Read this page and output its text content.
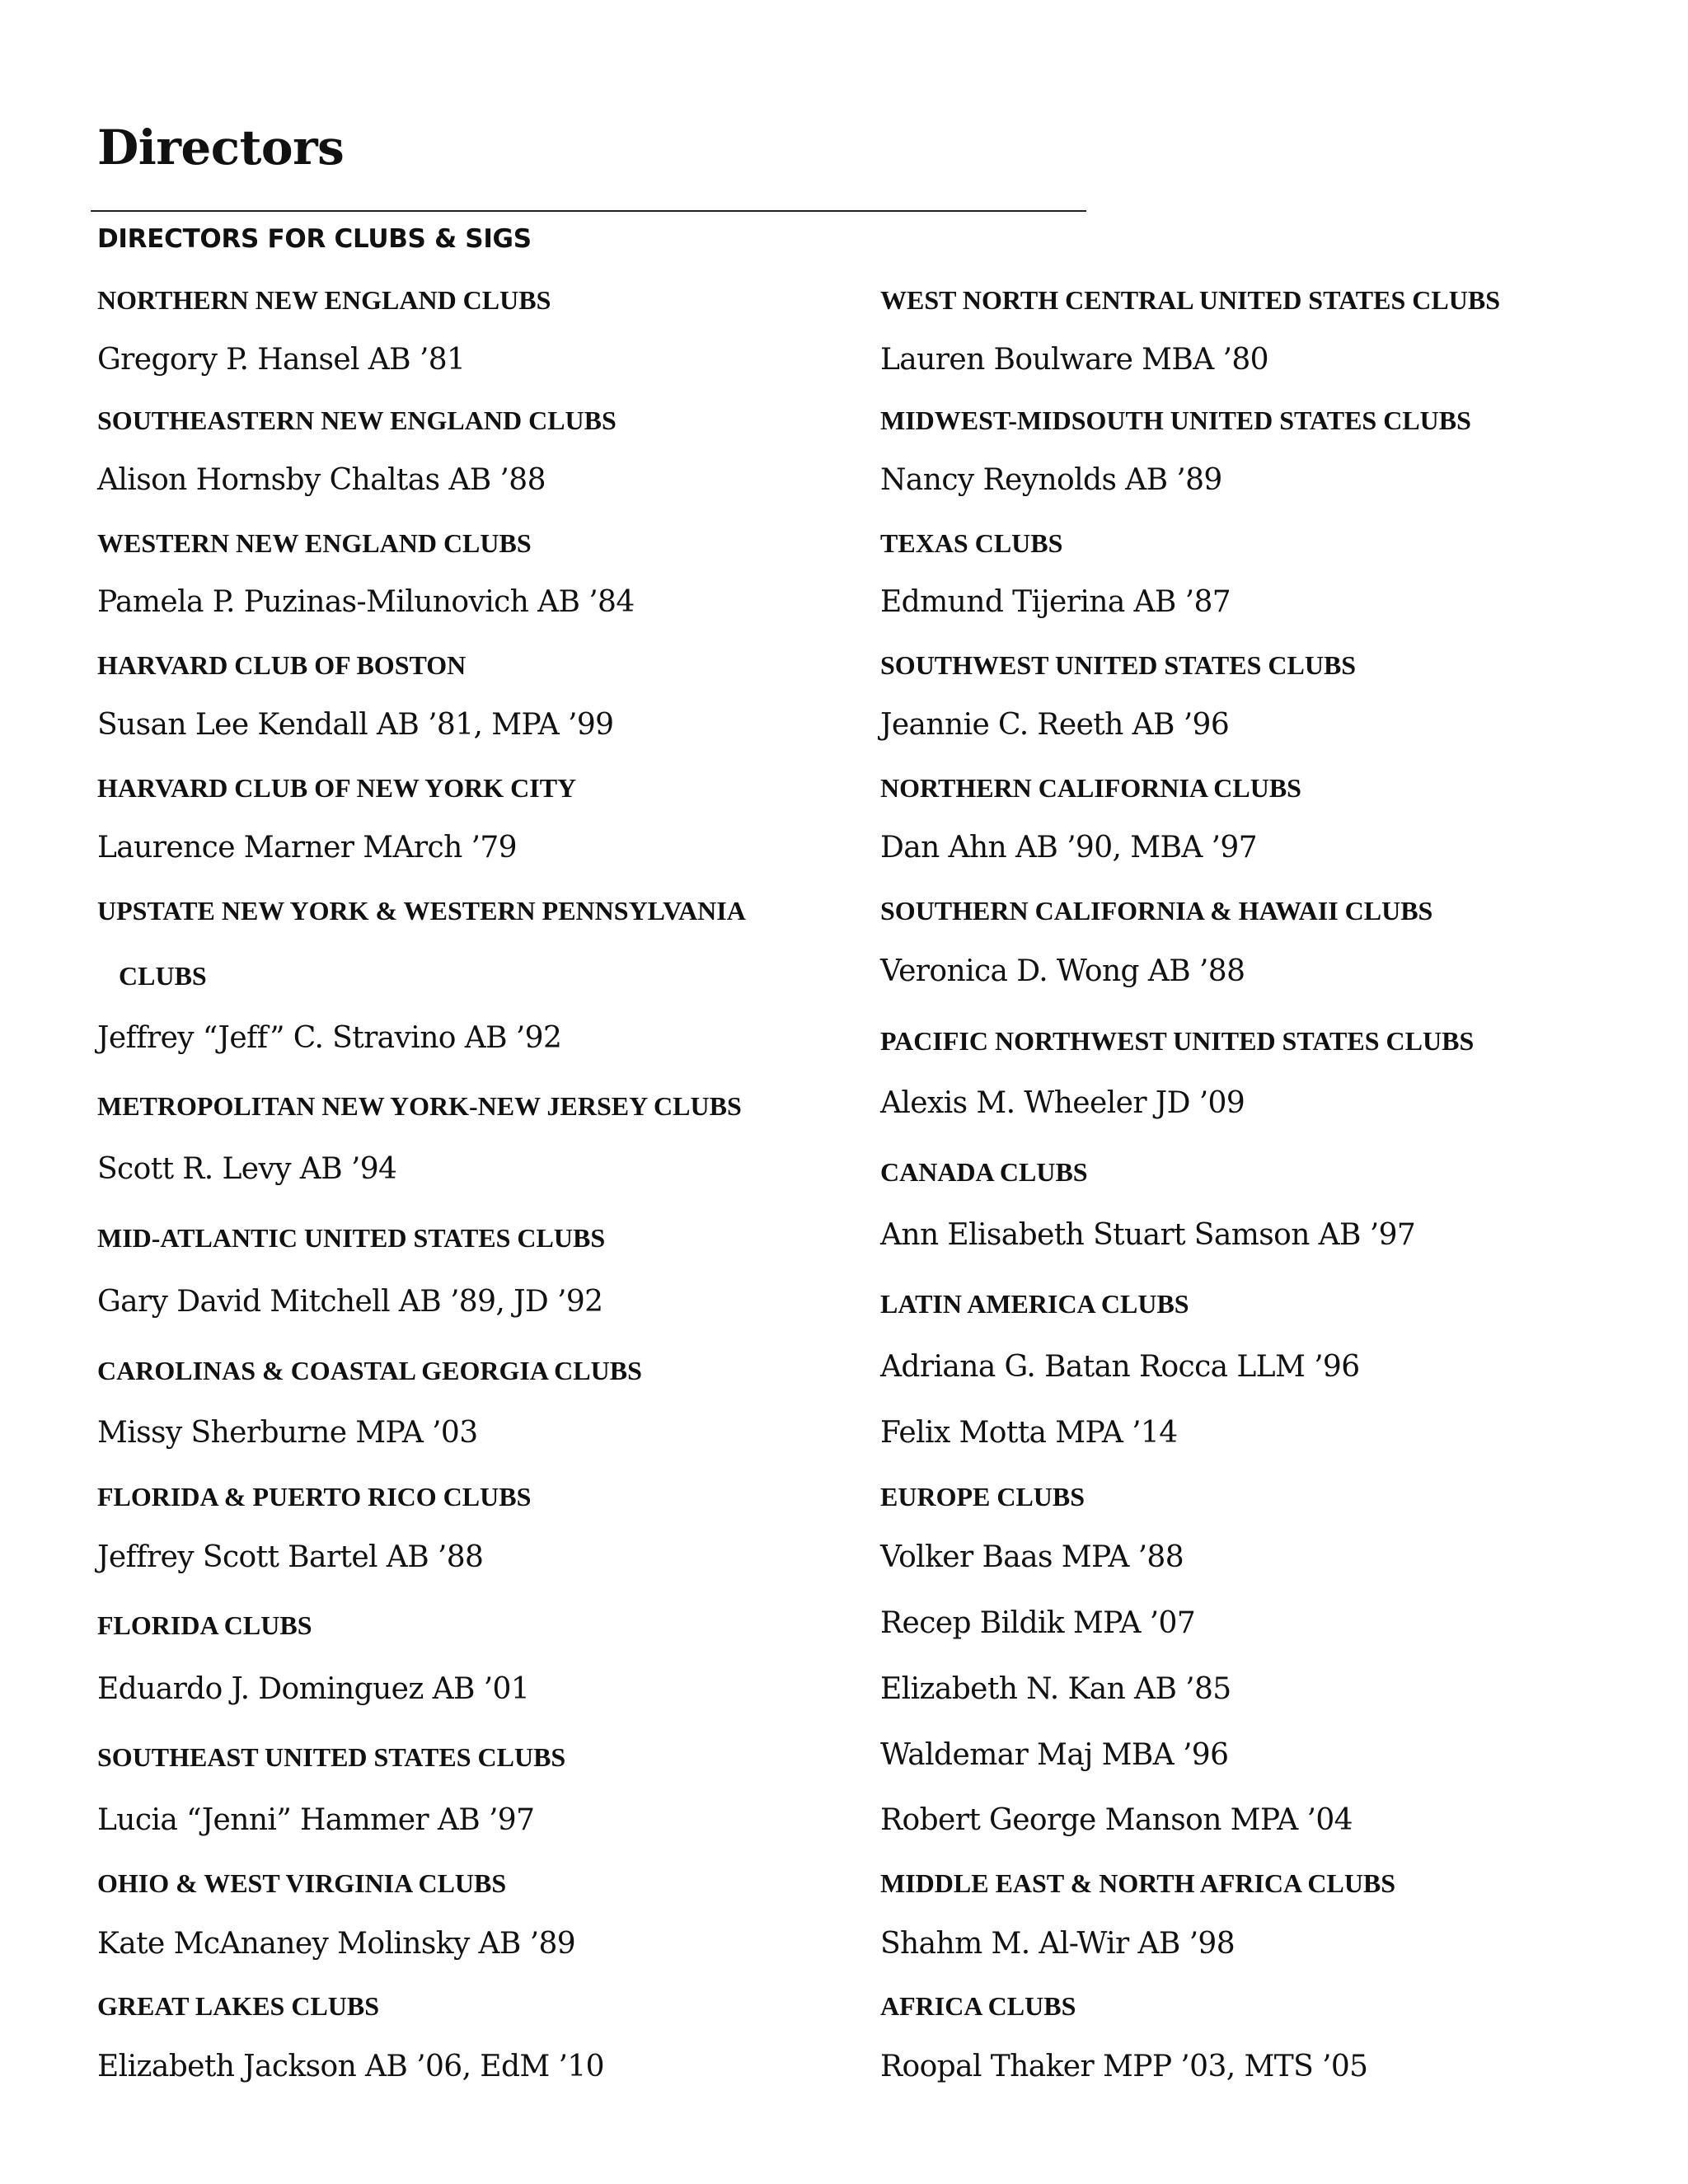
Directors
DIRECTORS FOR CLUBS & SIGS

NORTHERN NEW ENGLAND CLUBS

Gregory P. Hansel AB ’81

SOUTHEASTERN NEW ENGLAND CLUBS

Alison Hornsby Chaltas AB ’88

WESTERN NEW ENGLAND CLUBS

Pamela P. Puzinas-Milunovich AB ’84

HARVARD CLUB OF BOSTON

Susan Lee Kendall AB ’81, MPA ’99

HARVARD CLUB OF NEW YORK CITY

Laurence Marner MArch ’79

UPSTATE NEW YORK & WESTERN PENNSYLVANIA

CLUBS

Jeffrey “Jeff” C. Stravino AB ’92

METROPOLITAN NEW YORK-NEW JERSEY CLUBS

Scott R. Levy AB ’94

MID-ATLANTIC UNITED STATES CLUBS

Gary David Mitchell AB ’89, JD ’92

CAROLINAS & COASTAL GEORGIA CLUBS

Missy Sherburne MPA ’03

FLORIDA & PUERTO RICO CLUBS

Jeffrey Scott Bartel AB ’88

FLORIDA CLUBS

Eduardo J. Dominguez AB ’01

SOUTHEAST UNITED STATES CLUBS

Lucia “Jenni” Hammer AB ’97

OHIO & WEST VIRGINIA CLUBS

Kate McAnaney Molinsky AB ’89

GREAT LAKES CLUBS

Elizabeth Jackson AB ’06, EdM ’10

WEST NORTH CENTRAL UNITED STATES CLUBS

Lauren Boulware MBA ’80

MIDWEST-MIDSOUTH UNITED STATES CLUBS

Nancy Reynolds AB ’89

TEXAS CLUBS

Edmund Tijerina AB ’87

SOUTHWEST UNITED STATES CLUBS

Jeannie C. Reeth AB ’96

NORTHERN CALIFORNIA CLUBS

Dan Ahn AB ’90, MBA ’97

SOUTHERN CALIFORNIA & HAWAII CLUBS

Veronica D. Wong AB ’88

PACIFIC NORTHWEST UNITED STATES CLUBS

Alexis M. Wheeler JD ’09

CANADA CLUBS

Ann Elisabeth Stuart Samson AB ’97

LATIN AMERICA CLUBS

Adriana G. Batan Rocca LLM ’96

Felix Motta MPA ’14

EUROPE CLUBS

Volker Baas MPA ’88

Recep Bildik MPA ’07

Elizabeth N. Kan AB ’85

Waldemar Maj MBA ’96

Robert George Manson MPA ’04

MIDDLE EAST & NORTH AFRICA CLUBS

Shahm M. Al-Wir AB ’98

AFRICA CLUBS

Roopal Thaker MPP ’03, MTS ’05
